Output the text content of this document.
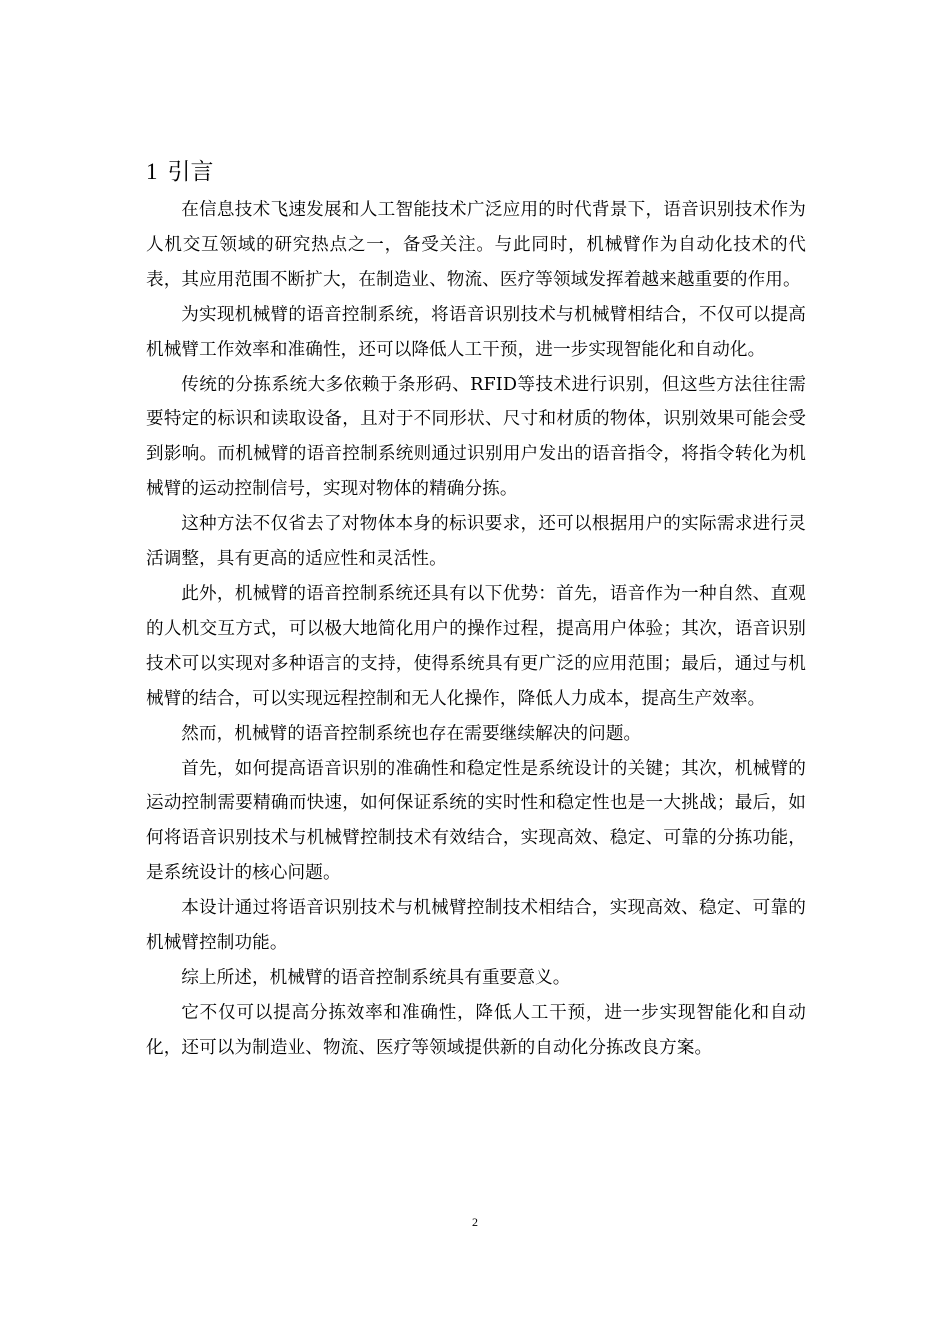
1 引言

在信息技术飞速发展和人工智能技术广泛应用的时代背景下，语音识别技术作为人机交互领域的研究热点之一，备受关注。与此同时，机械臂作为自动化技术的代表，其应用范围不断扩大，在制造业、物流、医疗等领域发挥着越来越重要的作用。

为实现机械臂的语音控制系统，将语音识别技术与机械臂相结合，不仅可以提高机械臂工作效率和准确性，还可以降低人工干预，进一步实现智能化和自动化。

传统的分拣系统大多依赖于条形码、RFID等技术进行识别，但这些方法往往需要特定的标识和读取设备，且对于不同形状、尺寸和材质的物体，识别效果可能会受到影响。而机械臂的语音控制系统则通过识别用户发出的语音指令，将指令转化为机械臂的运动控制信号，实现对物体的精确分拣。

这种方法不仅省去了对物体本身的标识要求，还可以根据用户的实际需求进行灵活调整，具有更高的适应性和灵活性。

此外，机械臂的语音控制系统还具有以下优势：首先，语音作为一种自然、直观的人机交互方式，可以极大地简化用户的操作过程，提高用户体验；其次，语音识别技术可以实现对多种语言的支持，使得系统具有更广泛的应用范围；最后，通过与机械臂的结合，可以实现远程控制和无人化操作，降低人力成本，提高生产效率。

然而，机械臂的语音控制系统也存在需要继续解决的问题。

首先，如何提高语音识别的准确性和稳定性是系统设计的关键；其次，机械臂的运动控制需要精确而快速，如何保证系统的实时性和稳定性也是一大挑战；最后，如何将语音识别技术与机械臂控制技术有效结合，实现高效、稳定、可靠的分拣功能，是系统设计的核心问题。

本设计通过将语音识别技术与机械臂控制技术相结合，实现高效、稳定、可靠的机械臂控制功能。

综上所述，机械臂的语音控制系统具有重要意义。

它不仅可以提高分拣效率和准确性，降低人工干预，进一步实现智能化和自动化，还可以为制造业、物流、医疗等领域提供新的自动化分拣改良方案。

2
